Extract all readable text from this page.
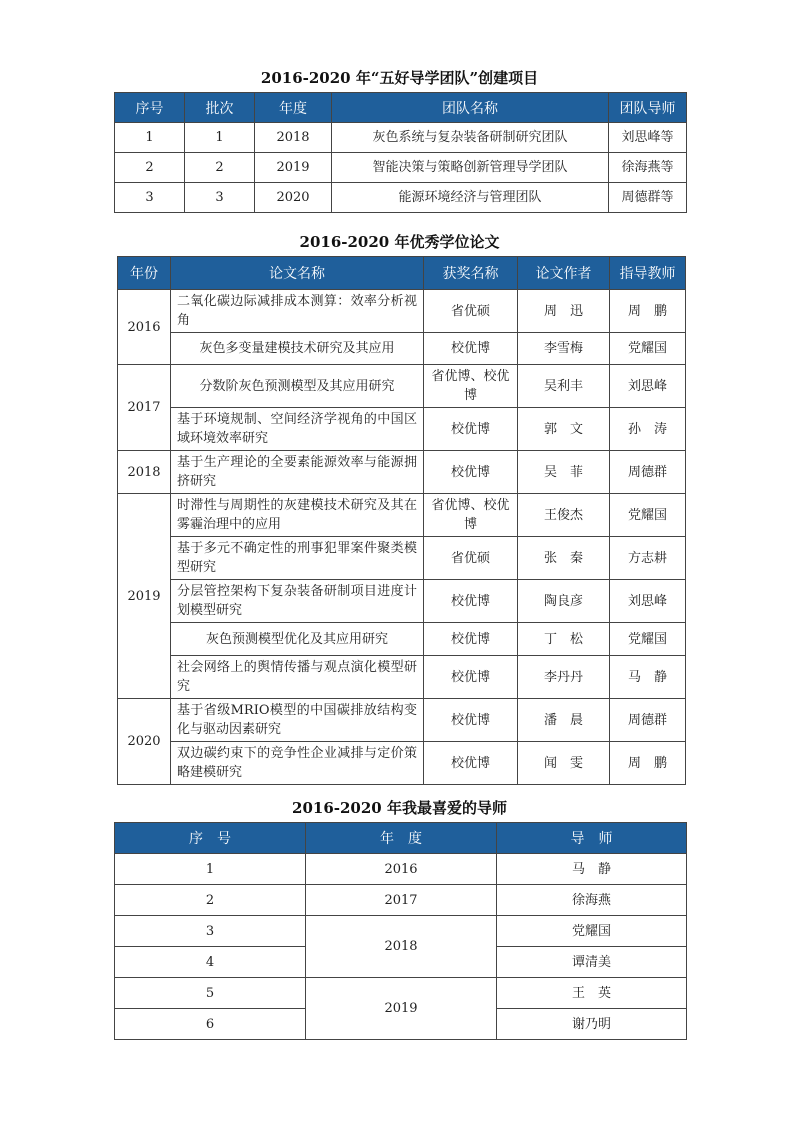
2016-2020 年“五好导学团队”创建项目
序号	批次	年度	团队名称	团队导师
1	1	2018	灰色系统与复杂装备研制研究团队	刘思峰等
2	2	2019	智能决策与策略创新管理导学团队	徐海燕等
3	3	2020	能源环境经济与管理团队	周德群等
2016-2020 年优秀学位论文
年份	论文名称	获奖名称	论文作者	指导教师
2016	二氧化碳边际减排成本测算：效率分析视角	省优硕	周　迅	周　鹏
	灰色多变量建模技术研究及其应用	校优博	李雪梅	党耀国
2017	分数阶灰色预测模型及其应用研究	省优博、校优博	吴利丰	刘思峰
	基于环境规制、空间经济学视角的中国区域环境效率研究	校优博	郭　文	孙　涛
2018	基于生产理论的全要素能源效率与能源拥挤研究	校优博	吴　菲	周德群
2019	时滞性与周期性的灰建模技术研究及其在雾霾治理中的应用	省优博、校优博	王俊杰	党耀国
	基于多元不确定性的刑事犯罪案件聚类模型研究	省优硕	张　秦	方志耕
	分层管控架构下复杂装备研制项目进度计划模型研究	校优博	陶良彦	刘思峰
	灰色预测模型优化及其应用研究	校优博	丁　松	党耀国
	社会网络上的舆情传播与观点演化模型研究	校优博	李丹丹	马　静
2020	基于省级MRIO模型的中国碳排放结构变化与驱动因素研究	校优博	潘　晨	周德群
	双边碳约束下的竞争性企业减排与定价策略建模研究	校优博	闻　雯	周　鹏
2016-2020 年我最喜爱的导师
序　号	年　度	导　师
1	2016	马　静
2	2017	徐海燕
3	2018	党耀国
4		谭清美
5	2019	王　英
6		谢乃明
